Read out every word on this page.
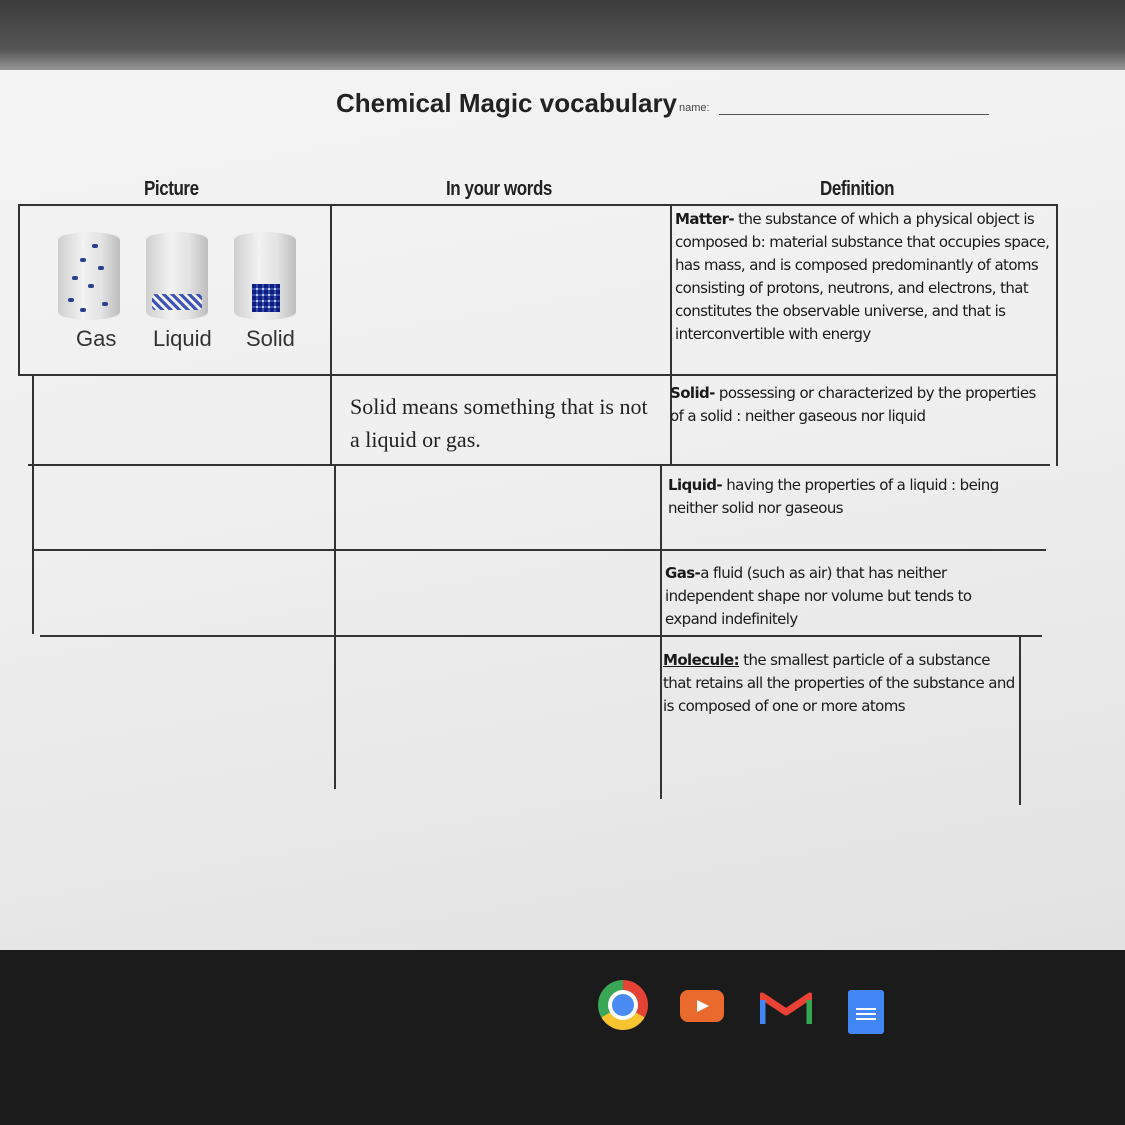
Chemical Magic vocabulary name:
Picture	In your words	Definition
Gas Liquid Solid
Solid means something that is not a liquid or gas.
Matter- the substance of which a physical object is composed b: material substance that occupies space, has mass, and is composed predominantly of atoms consisting of protons, neutrons, and electrons, that constitutes the observable universe, and that is interconvertible with energy
Solid- possessing or characterized by the properties of a solid : neither gaseous nor liquid
Liquid- having the properties of a liquid : being neither solid nor gaseous
Gas-a fluid (such as air) that has neither independent shape nor volume but tends to expand indefinitely
Molecule: the smallest particle of a substance that retains all the properties of the substance and is composed of one or more atoms
